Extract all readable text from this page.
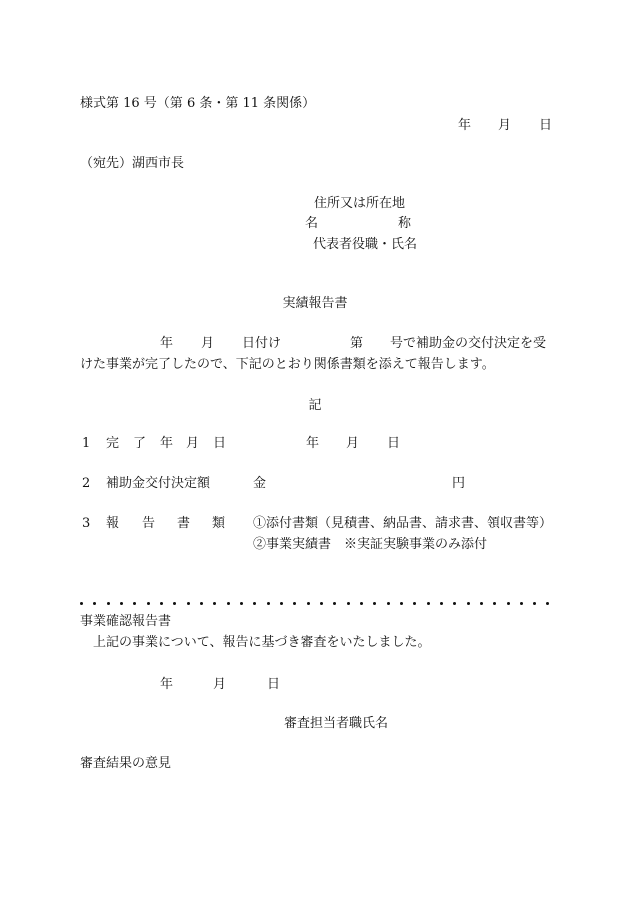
様式第 16 号（第 6 条・第 11 条関係）
年 月 日
（宛先）湖西市長
住所又は所在地
名	称
代表者役職・氏名
実績報告書
年 月 日付け	第 号で補助金の交付決定を受
けた事業が完了したので、下記のとおり関係書類を添えて報告します。
記
1 完 了 年 月 日	年 月 日
2 補助金交付決定額	金	円
3 報 告 書 類 ①添付書類（見積書、納品書、請求書、領収書等）
②事業実績書　※実証実験事業のみ添付
事業確認報告書
上記の事業について、報告に基づき審査をいたしました。
年	月	日
審査担当者職氏名
審査結果の意見
